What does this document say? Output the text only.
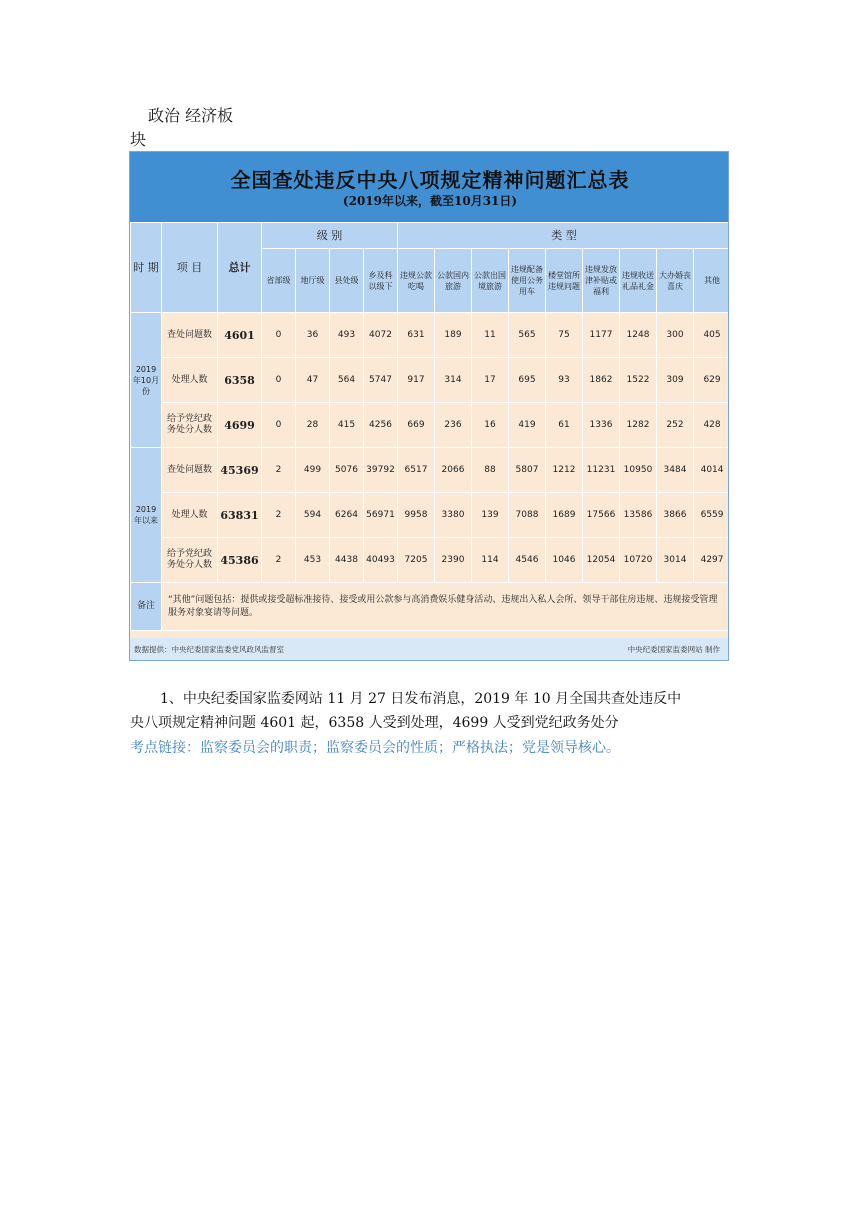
政治 经济板
块
全国查处违反中央八项规定精神问题汇总表
(2019年以来，截至10月31日)
时 期	项 目	总计	级 别				类 型								
			省部级	地厅级	县处级	乡及科以级下	违规公款吃喝	公款国内旅游	公款出国境旅游	违规配备使用公务用车	楼堂馆所违规问题	违规发放津补贴或福利	违规收送礼品礼金	大办婚丧喜庆	其他
2019年10月份	查处问题数	4601	0	36	493	4072	631	189	11	565	75	1177	1248	300	405
	处理人数	6358	0	47	564	5747	917	314	17	695	93	1862	1522	309	629
	给予党纪政务处分人数	4699	0	28	415	4256	669	236	16	419	61	1336	1282	252	428
2019年以来	查处问题数	45369	2	499	5076	39792	6517	2066	88	5807	1212	11231	10950	3484	4014
	处理人数	63831	2	594	6264	56971	9958	3380	139	7088	1689	17566	13586	3866	6559
	给予党纪政务处分人数	45386	2	453	4438	40493	7205	2390	114	4546	1046	12054	10720	3014	4297
备注	“其他”问题包括：提供或接受超标准接待、接受或用公款参与高消费娱乐健身活动、违规出入私人会所、领导干部住房违规、违规接受管理服务对象宴请等问题。														
数据提供：中央纪委国家监委党风政风监督室	中央纪委国家监委网站 制作
1、中央纪委国家监委网站 11 月 27 日发布消息，2019 年 10 月全国共查处违反中
央八项规定精神问题 4601 起，6358 人受到处理，4699 人受到党纪政务处分
考点链接：监察委员会的职责；监察委员会的性质；严格执法；党是领导核心。
